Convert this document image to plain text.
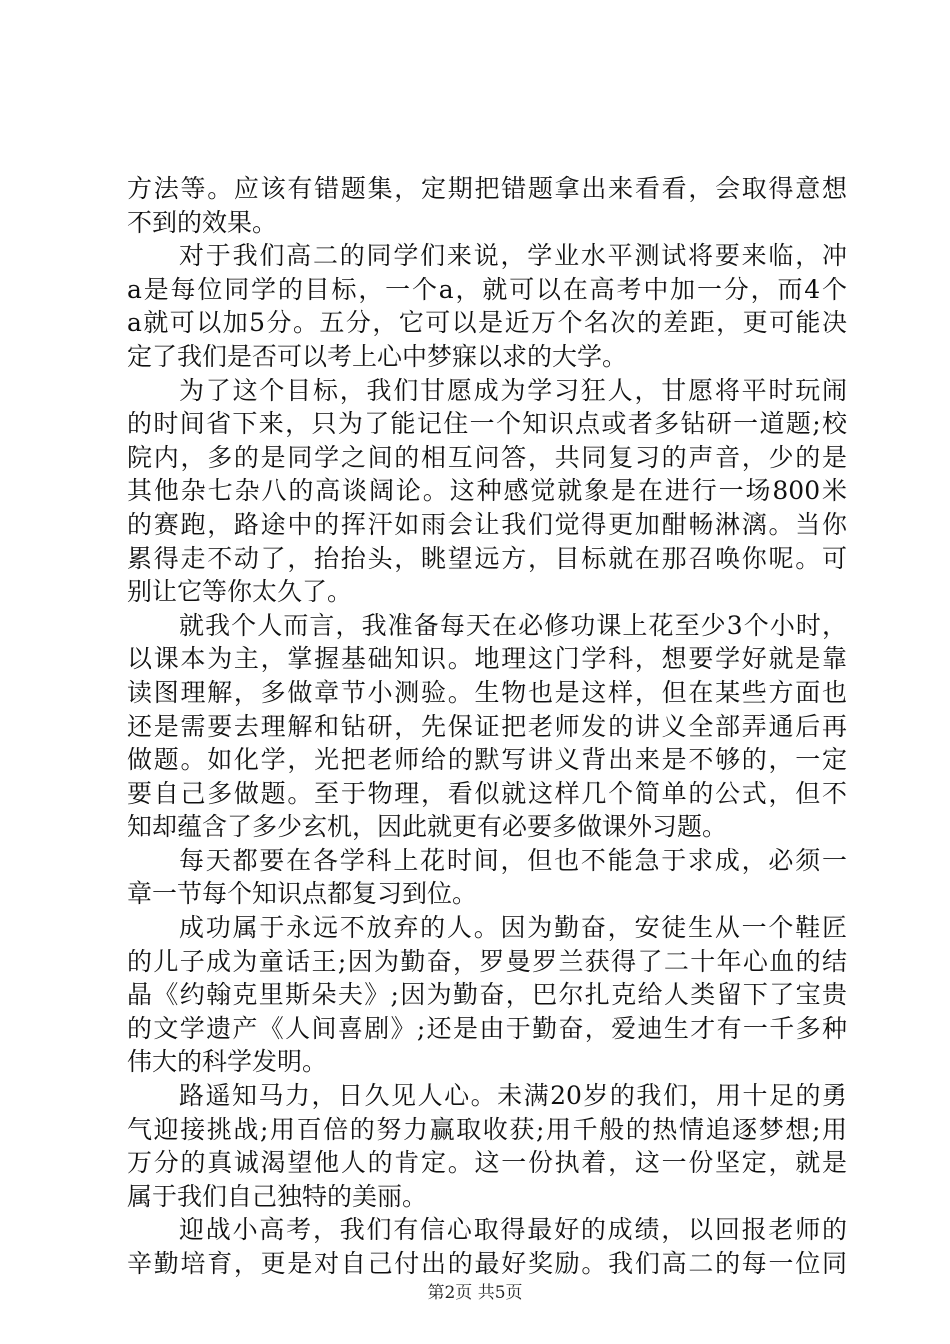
方法等。应该有错题集，定期把错题拿出来看看，会取得意想
不到的效果。
对于我们高二的同学们来说，学业水平测试将要来临，冲
a是每位同学的目标，一个a，就可以在高考中加一分，而4个
a就可以加5分。五分，它可以是近万个名次的差距，更可能决
定了我们是否可以考上心中梦寐以求的大学。
为了这个目标，我们甘愿成为学习狂人，甘愿将平时玩闹
的时间省下来，只为了能记住一个知识点或者多钻研一道题;校
院内，多的是同学之间的相互问答，共同复习的声音，少的是
其他杂七杂八的高谈阔论。这种感觉就象是在进行一场800米
的赛跑，路途中的挥汗如雨会让我们觉得更加酣畅淋漓。当你
累得走不动了，抬抬头，眺望远方，目标就在那召唤你呢。可
别让它等你太久了。
就我个人而言，我准备每天在必修功课上花至少3个小时，
以课本为主，掌握基础知识。地理这门学科，想要学好就是靠
读图理解，多做章节小测验。生物也是这样，但在某些方面也
还是需要去理解和钻研，先保证把老师发的讲义全部弄通后再
做题。如化学，光把老师给的默写讲义背出来是不够的，一定
要自己多做题。至于物理，看似就这样几个简单的公式，但不
知却蕴含了多少玄机，因此就更有必要多做课外习题。
每天都要在各学科上花时间，但也不能急于求成，必须一
章一节每个知识点都复习到位。
成功属于永远不放弃的人。因为勤奋，安徒生从一个鞋匠
的儿子成为童话王;因为勤奋，罗曼罗兰获得了二十年心血的结
晶《约翰克里斯朵夫》;因为勤奋，巴尔扎克给人类留下了宝贵
的文学遗产《人间喜剧》;还是由于勤奋，爱迪生才有一千多种
伟大的科学发明。
路遥知马力，日久见人心。未满20岁的我们，用十足的勇
气迎接挑战;用百倍的努力赢取收获;用千般的热情追逐梦想;用
万分的真诚渴望他人的肯定。这一份执着，这一份坚定，就是
属于我们自己独特的美丽。
迎战小高考，我们有信心取得最好的成绩，以回报老师的
辛勤培育，更是对自己付出的最好奖励。我们高二的每一位同
第2页 共5页
